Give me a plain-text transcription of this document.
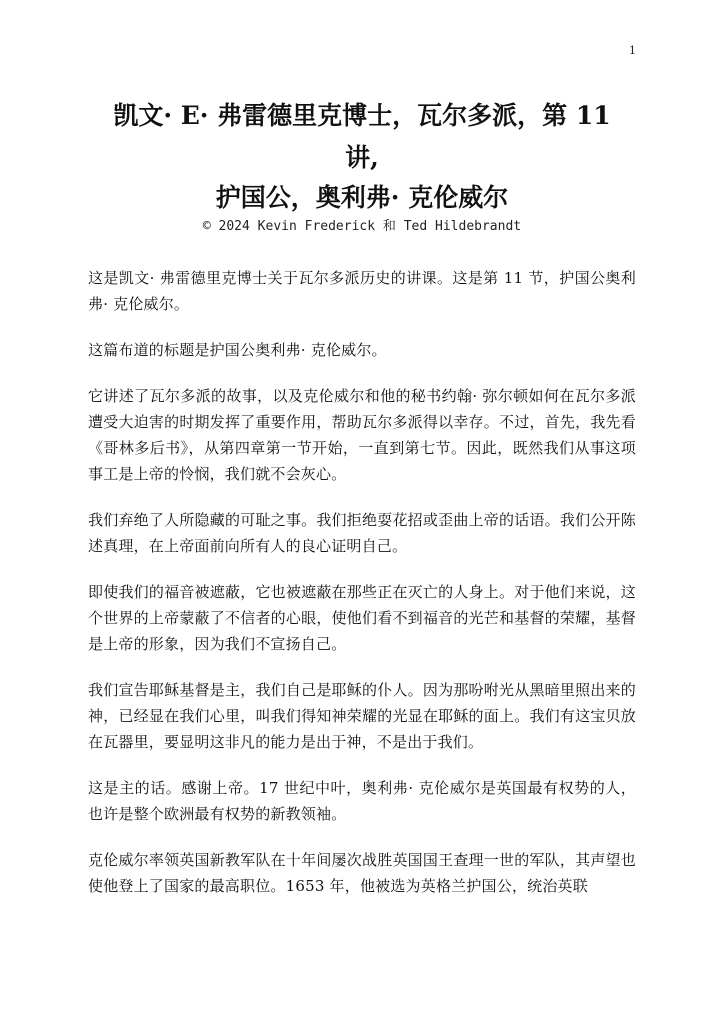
1

凯文· E· 弗雷德里克博士，瓦尔多派，第 11

讲,

护国公，奥利弗· 克伦威尔

© 2024 Kevin Frederick 和 Ted Hildebrandt

这是凯文· 弗雷德里克博士关于瓦尔多派历史的讲课。这是第 11 节，护国公奥利弗· 克伦威尔。

这篇布道的标题是护国公奥利弗· 克伦威尔。

它讲述了瓦尔多派的故事，以及克伦威尔和他的秘书约翰· 弥尔顿如何在瓦尔多派遭受大迫害的时期发挥了重要作用，帮助瓦尔多派得以幸存。不过，首先，我先看《哥林多后书》，从第四章第一节开始，一直到第七节。因此，既然我们从事这项事工是上帝的怜悯，我们就不会灰心。

我们弃绝了人所隐藏的可耻之事。我们拒绝耍花招或歪曲上帝的话语。我们公开陈述真理，在上帝面前向所有人的良心证明自己。

即使我们的福音被遮蔽，它也被遮蔽在那些正在灭亡的人身上。对于他们来说，这个世界的上帝蒙蔽了不信者的心眼，使他们看不到福音的光芒和基督的荣耀，基督是上帝的形象，因为我们不宣扬自己。

我们宣告耶稣基督是主，我们自己是耶稣的仆人。因为那吩咐光从黑暗里照出来的神，已经显在我们心里，叫我们得知神荣耀的光显在耶稣的面上。我们有这宝贝放在瓦器里，要显明这非凡的能力是出于神，不是出于我们。

这是主的话。感谢上帝。17 世纪中叶，奥利弗· 克伦威尔是英国最有权势的人，也许是整个欧洲最有权势的新教领袖。

克伦威尔率领英国新教军队在十年间屡次战胜英国国王查理一世的军队，其声望也使他登上了国家的最高职位。1653 年，他被选为英格兰护国公，统治英联
